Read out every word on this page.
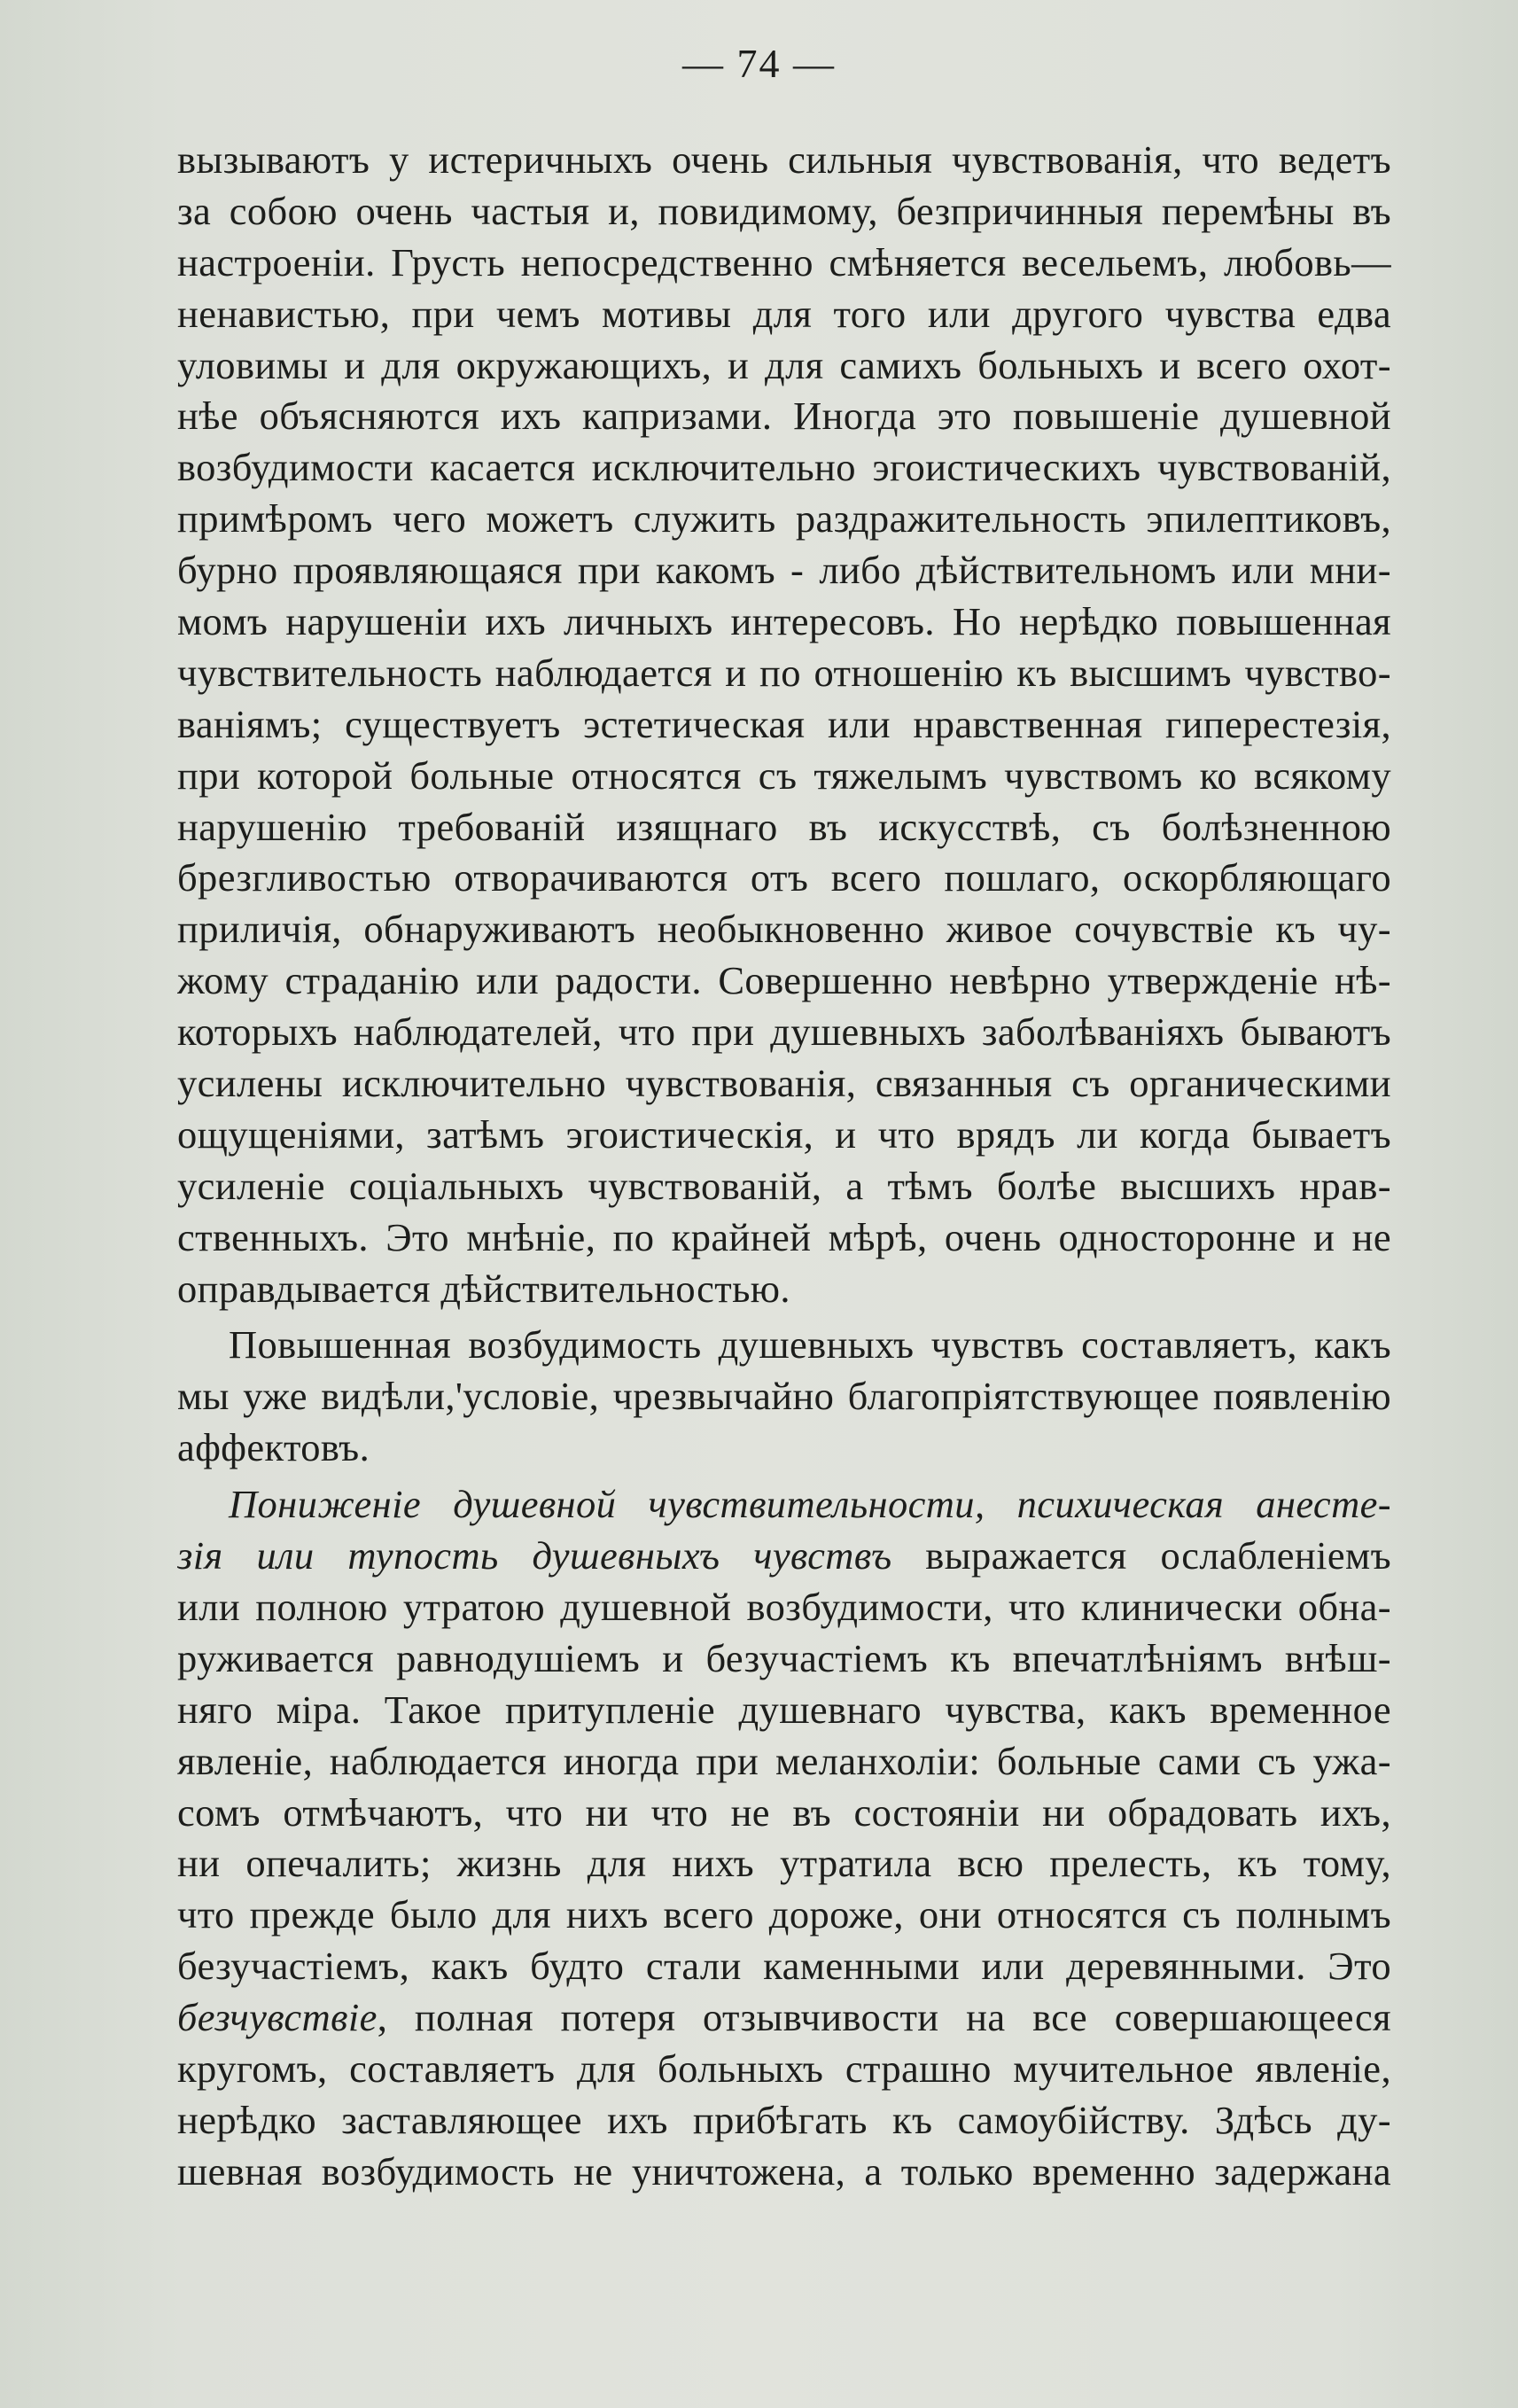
— 74 —
вызываютъ у истеричныхъ очень сильныя чувствованія, что ведетъ
за собою очень частыя и, повидимому, безпричинныя перемѣны въ
настроеніи. Грусть непосредственно смѣняется весельемъ, любовь—
ненавистью, при чемъ мотивы для того или другого чувства едва
уловимы и для окружающихъ, и для самихъ больныхъ и всего охот-
нѣе объясняются ихъ капризами. Иногда это повышеніе душевной
возбудимости касается исключительно эгоистическихъ чувствованій,
примѣромъ чего можетъ служить раздражительность эпилептиковъ,
бурно проявляющаяся при какомъ - либо дѣйствительномъ или мни-
момъ нарушеніи ихъ личныхъ интересовъ. Но нерѣдко повышенная
чувствительность наблюдается и по отношенію къ высшимъ чувство-
ваніямъ; существуетъ эстетическая или нравственная гиперестезія,
при которой больные относятся съ тяжелымъ чувствомъ ко всякому
нарушенію требованій изящнаго въ искусствѣ, съ болѣзненною
брезгливостью отворачиваются отъ всего пошлаго, оскорбляющаго
приличія, обнаруживаютъ необыкновенно живое сочувствіе къ чу-
жому страданію или радости. Совершенно невѣрно утвержденіе нѣ-
которыхъ наблюдателей, что при душевныхъ заболѣваніяхъ бываютъ
усилены исключительно чувствованія, связанныя съ органическими
ощущеніями, затѣмъ эгоистическія, и что врядъ ли когда бываетъ
усиленіе соціальныхъ чувствованій, а тѣмъ болѣе высшихъ нрав-
ственныхъ. Это мнѣніе, по крайней мѣрѣ, очень односторонне и не
оправдывается дѣйствительностью.
Повышенная возбудимость душевныхъ чувствъ составляетъ, какъ
мы уже видѣли,'условіе, чрезвычайно благопріятствующее появленію
аффектовъ.
Пониженіе душевной чувствительности, психическая анесте-
зія или тупость душевныхъ чувствъ выражается ослабленіемъ
или полною утратою душевной возбудимости, что клинически обна-
руживается равнодушіемъ и безучастіемъ къ впечатлѣніямъ внѣш-
няго міра. Такое притупленіе душевнаго чувства, какъ временное
явленіе, наблюдается иногда при меланхоліи: больные сами съ ужа-
сомъ отмѣчаютъ, что ни что не въ состояніи ни обрадовать ихъ,
ни опечалить; жизнь для нихъ утратила всю прелесть, къ тому,
что прежде было для нихъ всего дороже, они относятся съ полнымъ
безучастіемъ, какъ будто стали каменными или деревянными. Это
безчувствіе, полная потеря отзывчивости на все совершающееся
кругомъ, составляетъ для больныхъ страшно мучительное явленіе,
нерѣдко заставляющее ихъ прибѣгать къ самоубійству. Здѣсь ду-
шевная возбудимость не уничтожена, а только временно задержана
